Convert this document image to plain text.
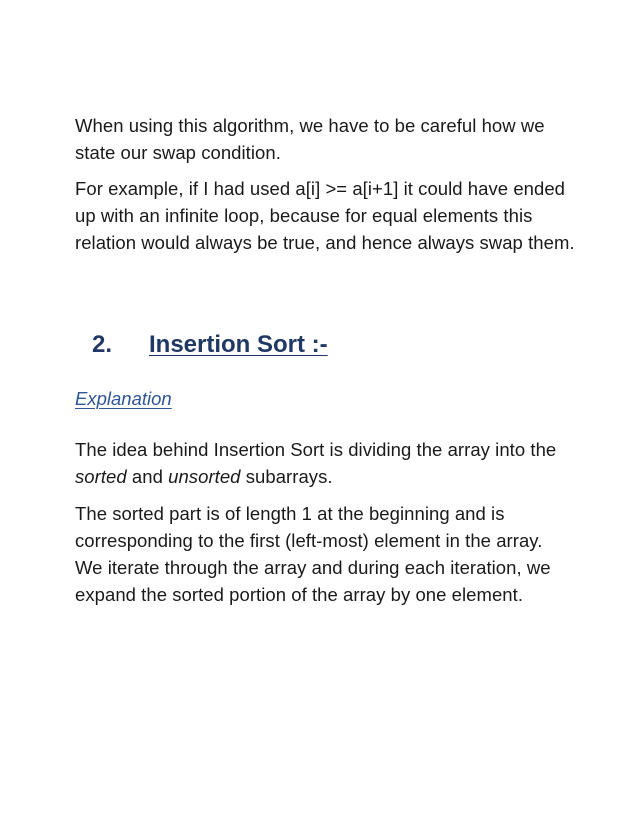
When using this algorithm, we have to be careful how we state our swap condition.

For example, if I had used a[i] >= a[i+1] it could have ended up with an infinite loop, because for equal elements this relation would always be true, and hence always swap them.

2. Insertion Sort :-

Explanation

The idea behind Insertion Sort is dividing the array into the sorted and unsorted subarrays.

The sorted part is of length 1 at the beginning and is corresponding to the first (left-most) element in the array. We iterate through the array and during each iteration, we expand the sorted portion of the array by one element.
